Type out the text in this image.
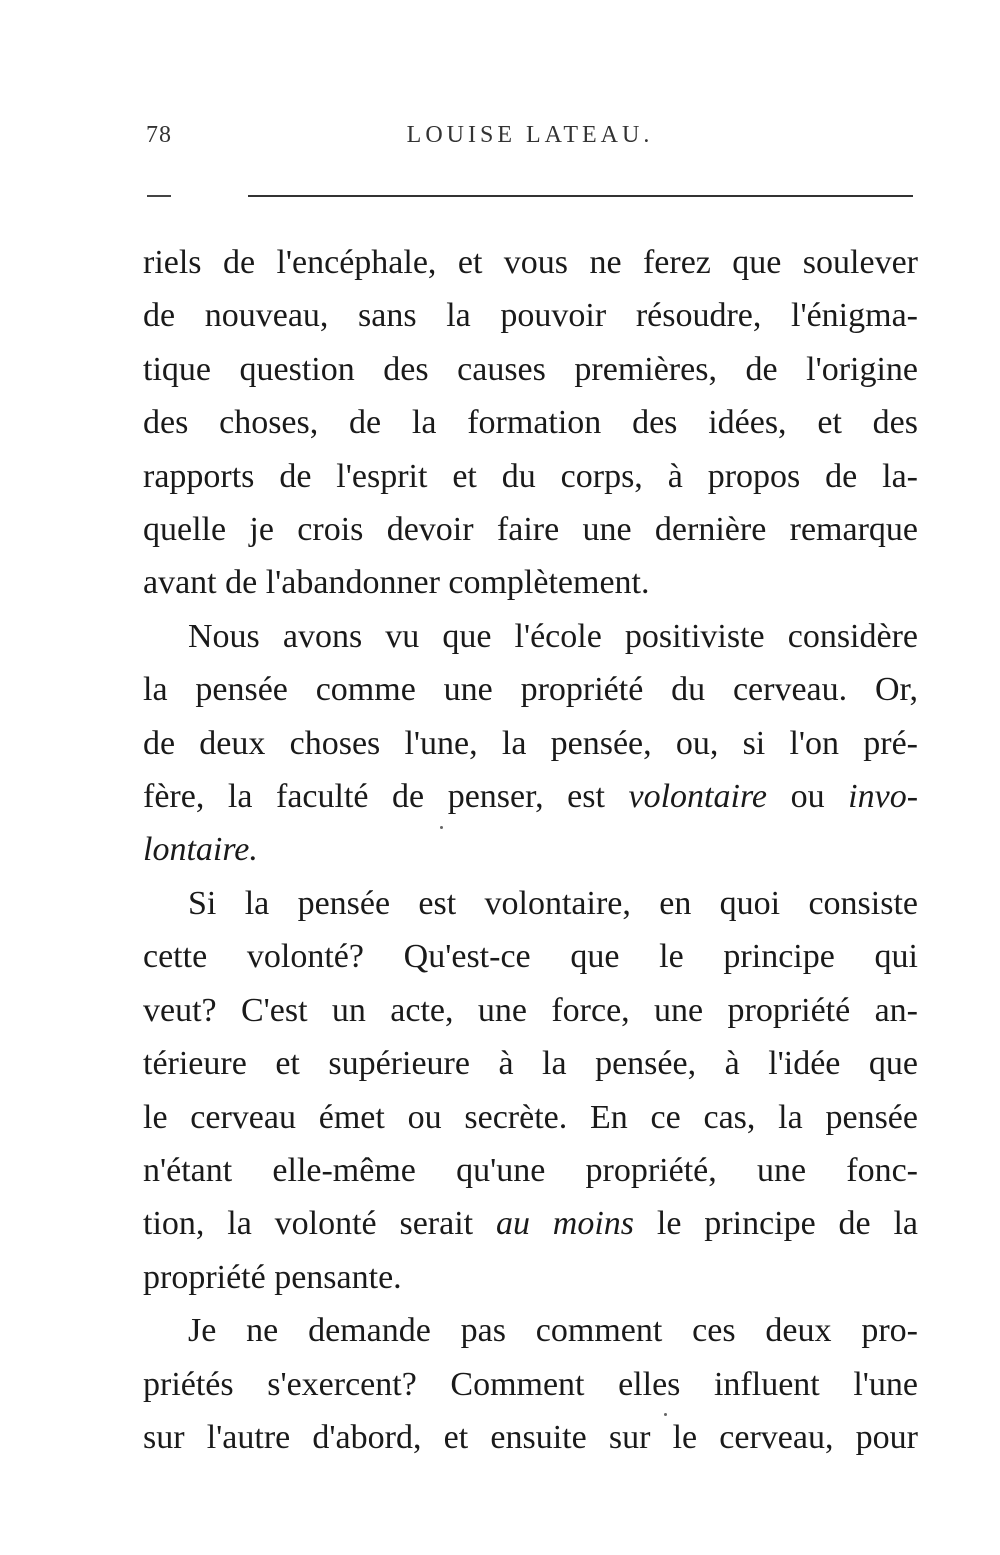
78	LOUISE LATEAU.
riels de l'encéphale, et vous ne ferez que soulever
de nouveau, sans la pouvoir résoudre, l'énigma-
tique question des causes premières, de l'origine
des choses, de la formation des idées, et des
rapports de l'esprit et du corps, à propos de la-
quelle je crois devoir faire une dernière remarque
avant de l'abandonner complètement.
Nous avons vu que l'école positiviste considère
la pensée comme une propriété du cerveau. Or,
de deux choses l'une, la pensée, ou, si l'on pré-
fère, la faculté de penser, est volontaire ou invo-
lontaire.
Si la pensée est volontaire, en quoi consiste
cette volonté? Qu'est-ce que le principe qui
veut? C'est un acte, une force, une propriété an-
térieure et supérieure à la pensée, à l'idée que
le cerveau émet ou secrète. En ce cas, la pensée
n'étant elle-même qu'une propriété, une fonc-
tion, la volonté serait au moins le principe de la
propriété pensante.
Je ne demande pas comment ces deux pro-
priétés s'exercent? Comment elles influent l'une
sur l'autre d'abord, et ensuite sur le cerveau, pour
